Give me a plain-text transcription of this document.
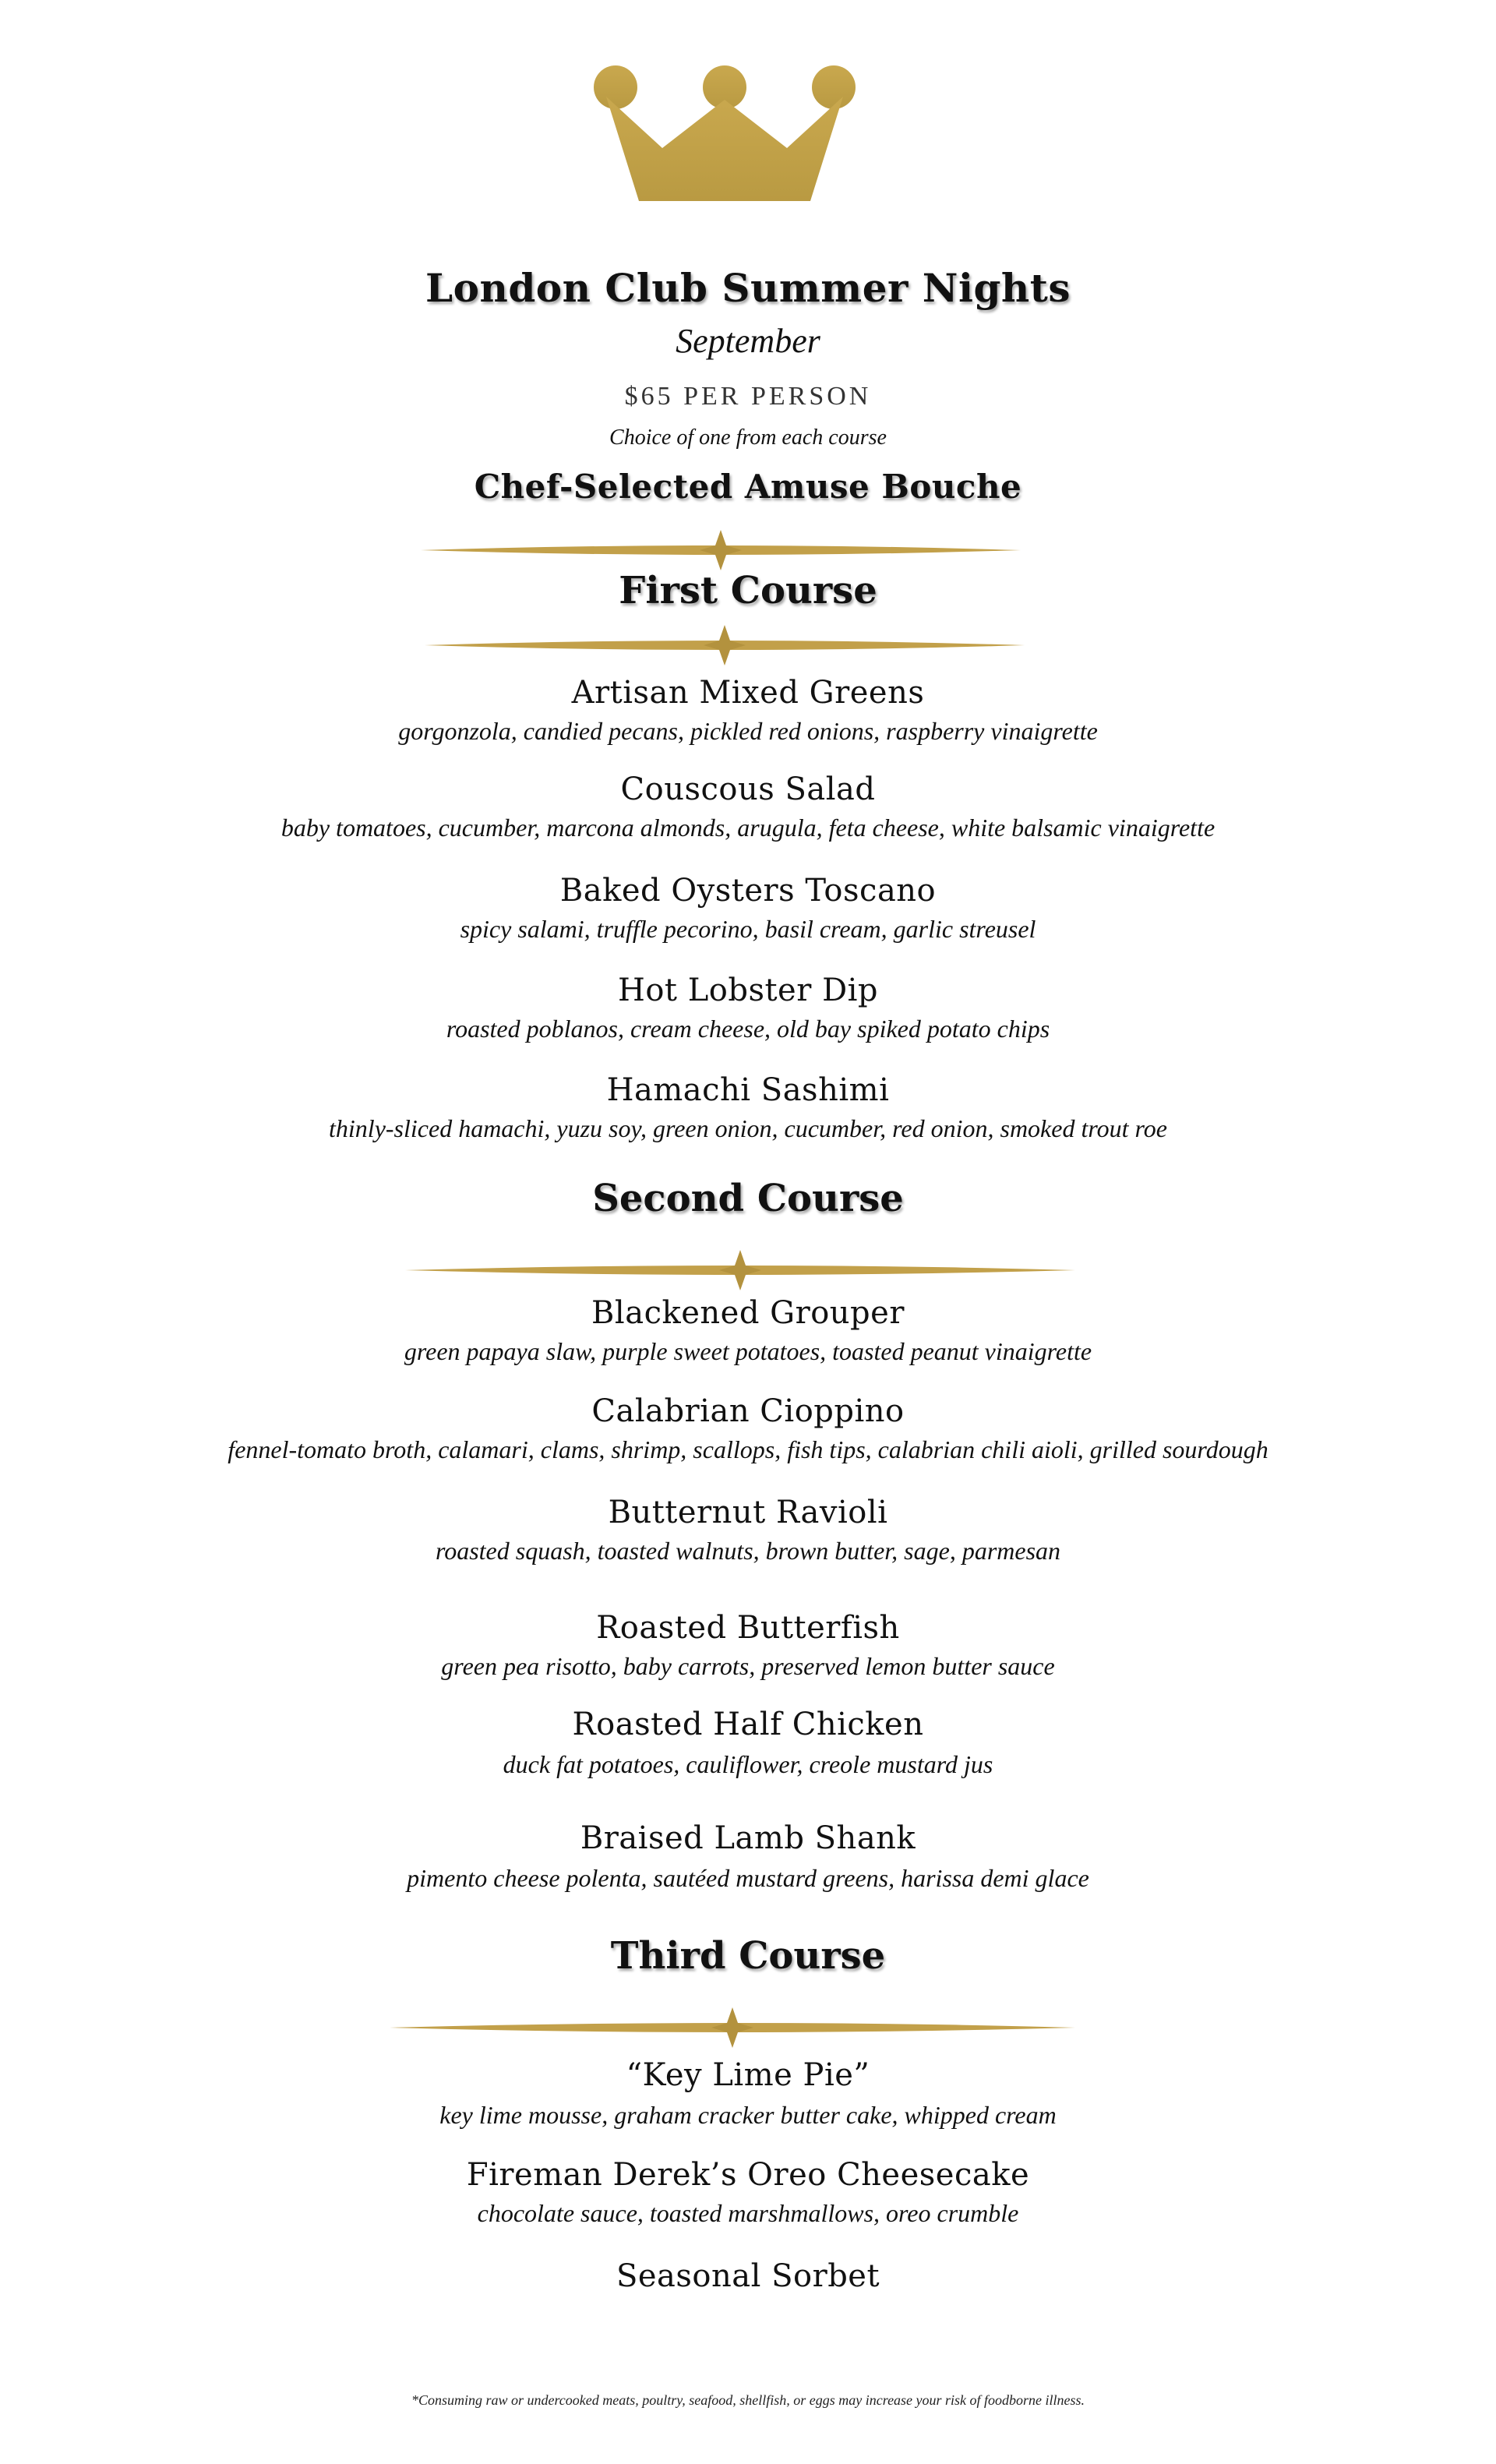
London Club Summer Nights
September
$65 PER PERSON
Choice of one from each course
Chef-Selected Amuse Bouche
First Course
Artisan Mixed Greens
gorgonzola, candied pecans, pickled red onions, raspberry vinaigrette
Couscous Salad
baby tomatoes, cucumber, marcona almonds, arugula, feta cheese, white balsamic vinaigrette
Baked Oysters Toscano
spicy salami, truffle pecorino, basil cream, garlic streusel
Hot Lobster Dip
roasted poblanos, cream cheese, old bay spiked potato chips
Hamachi Sashimi
thinly-sliced hamachi, yuzu soy, green onion, cucumber, red onion, smoked trout roe
Second Course
Blackened Grouper
green papaya slaw, purple sweet potatoes, toasted peanut vinaigrette
Calabrian Cioppino
fennel-tomato broth, calamari, clams, shrimp, scallops, fish tips, calabrian chili aioli, grilled sourdough
Butternut Ravioli
roasted squash, toasted walnuts, brown butter, sage, parmesan
Roasted Butterfish
green pea risotto, baby carrots, preserved lemon butter sauce
Roasted Half Chicken
duck fat potatoes, cauliflower, creole mustard jus
Braised Lamb Shank
pimento cheese polenta, sautéed mustard greens, harissa demi glace
Third Course
“Key Lime Pie”
key lime mousse, graham cracker butter cake, whipped cream
Fireman Derek’s Oreo Cheesecake
chocolate sauce, toasted marshmallows, oreo crumble
Seasonal Sorbet
*Consuming raw or undercooked meats, poultry, seafood, shellfish, or eggs may increase your risk of foodborne illness.
